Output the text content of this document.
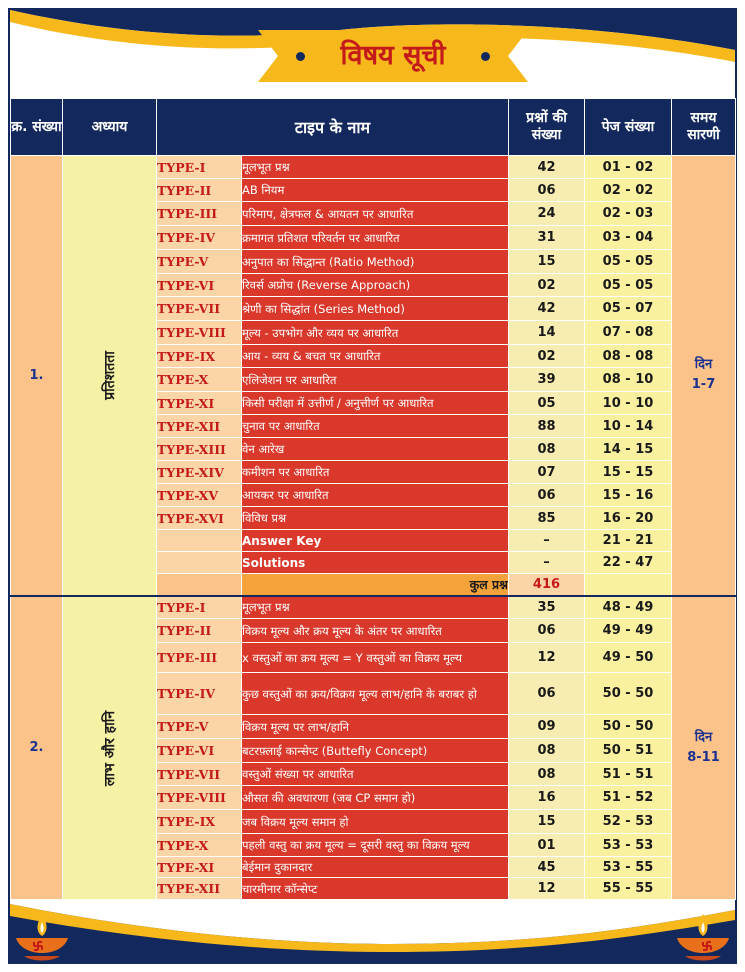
विषय सूची
क्र. संख्या	अध्याय	टाइप के नाम		प्रश्नों की संख्या	पेज संख्या	समय सारणी
1.	प्रतिशतता	TYPE-I	मूलभूत प्रश्न	42	01 - 02	दिन
1-7

		TYPE-II	AB नियम	06	02 - 02	
		TYPE-III	परिमाप, क्षेत्रफल & आयतन पर आधारित	24	02 - 03	
		TYPE-IV	क्रमागत प्रतिशत परिवर्तन पर आधारित	31	03 - 04	
		TYPE-V	अनुपात का सिद्धान्त (Ratio Method)	15	05 - 05	
		TYPE-VI	रिवर्स अप्रोच (Reverse Approach)	02	05 - 05	
		TYPE-VII	श्रेणी का सिद्धांत (Series Method)	42	05 - 07	
		TYPE-VIII	मूल्य - उपभोग और व्यय पर आधारित	14	07 - 08	
		TYPE-IX	आय - व्यय & बचत पर आधारित	02	08 - 08	
		TYPE-X	एलिजेशन पर आधारित	39	08 - 10	
		TYPE-XI	किसी परीक्षा में उत्तीर्ण / अनुत्तीर्ण पर आधारित	05	10 - 10	
		TYPE-XII	चुनाव पर आधारित	88	10 - 14	
		TYPE-XIII	वेन आरेख	08	14 - 15	
		TYPE-XIV	कमीशन पर आधारित	07	15 - 15	
		TYPE-XV	आयकर पर आधारित	06	15 - 16	
		TYPE-XVI	विविध प्रश्न	85	16 - 20	
			Answer Key	–	21 - 21	
			Solutions	–	22 - 47	
			कुल प्रश्न	416		
2.	लाभ और हानि	TYPE-I	मूलभूत प्रश्न	35	48 - 49	दिन
8-11

		TYPE-II	विक्रय मूल्य और क्रय मूल्य के अंतर पर आधारित	06	49 - 49	
		TYPE-III	x वस्तुओं का क्रय मूल्य = Y वस्तुओं का विक्रय मूल्य	12	49 - 50	
		TYPE-IV	कुछ वस्तुओं का क्रय/विक्रय मूल्य लाभ/हानि के बराबर हो	06	50 - 50	
		TYPE-V	विक्रय मूल्य पर लाभ/हानि	09	50 - 50	
		TYPE-VI	बटरफ़्लाई कान्सेप्ट (Buttefly Concept)	08	50 - 51	
		TYPE-VII	वस्तुओं संख्या पर आधारित	08	51 - 51	
		TYPE-VIII	औसत की अवधारणा (जब CP समान हो)	16	51 - 52	
		TYPE-IX	जब विक्रय मूल्य समान हो	15	52 - 53	
		TYPE-X	पहली वस्तु का क्रय मूल्य = दूसरी वस्तु का विक्रय मूल्य	01	53 - 53	
		TYPE-XI	बेईमान दुकानदार	45	53 - 55	
		TYPE-XII	चारमीनार कॉन्सेप्ट	12	55 - 55	
